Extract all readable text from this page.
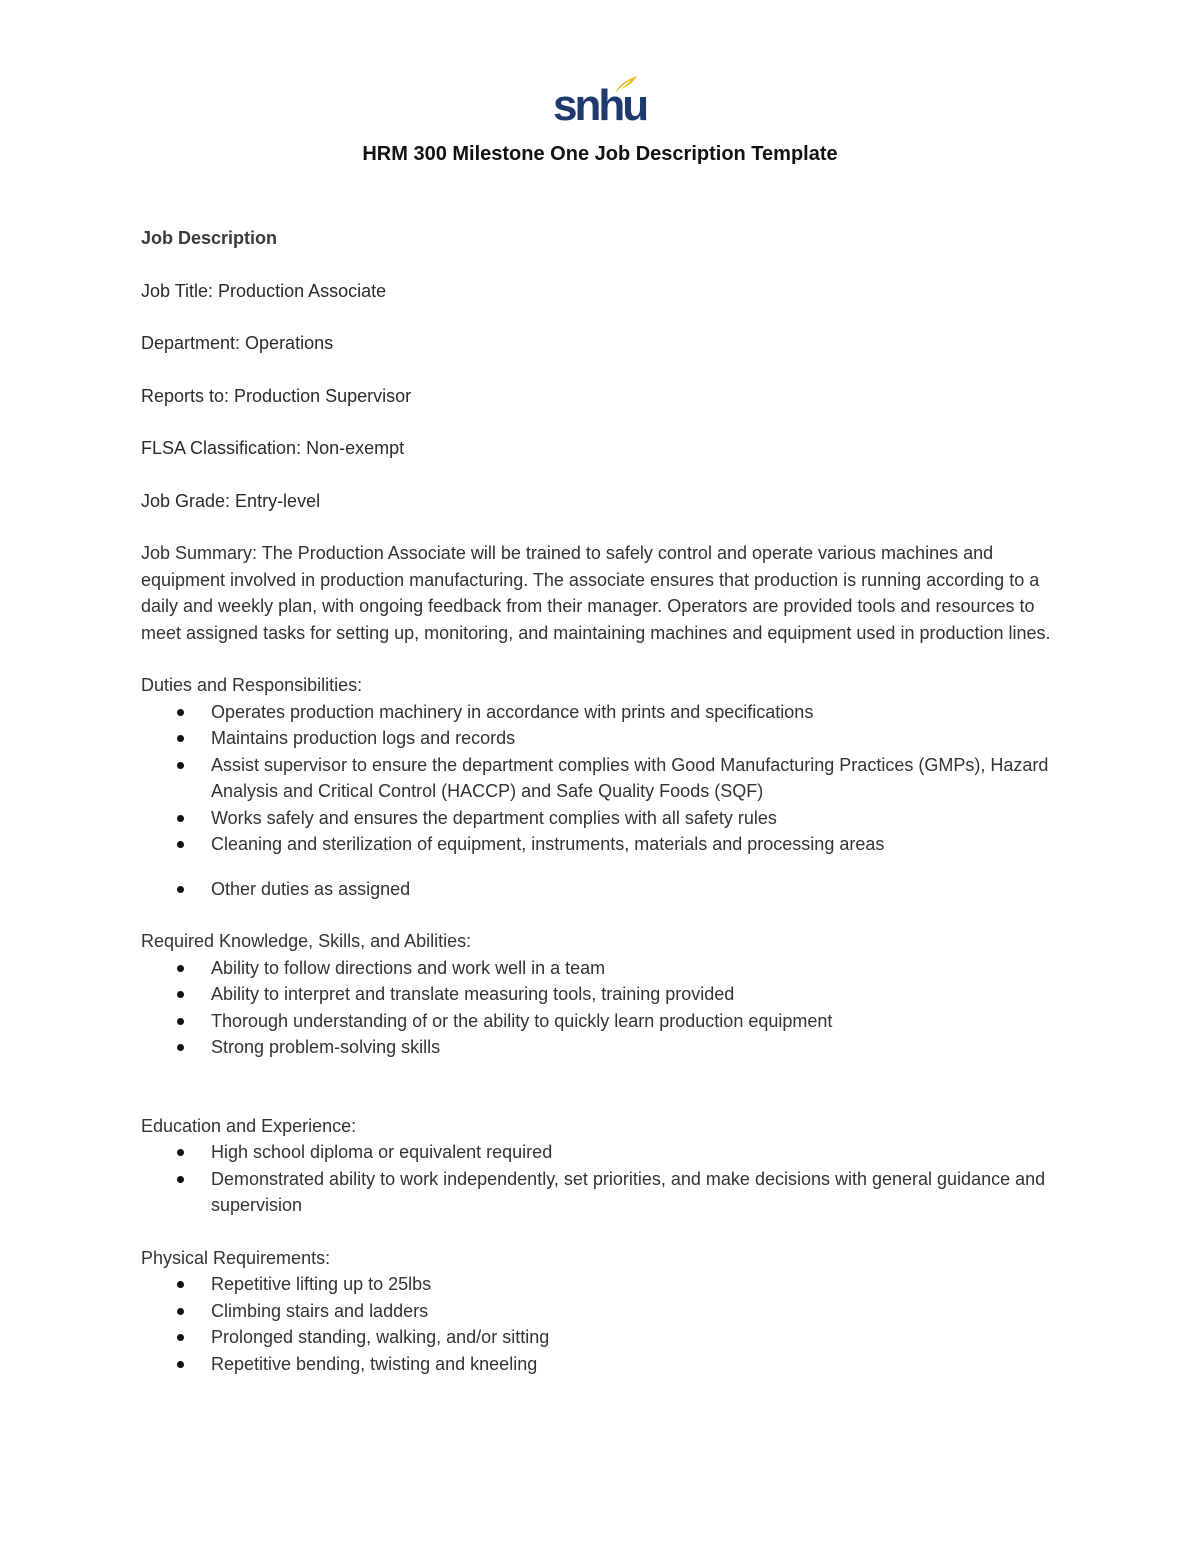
snhu
HRM 300 Milestone One Job Description Template
Job Description
Job Title: Production Associate
Department: Operations
Reports to: Production Supervisor
FLSA Classification: Non-exempt
Job Grade: Entry-level
Job Summary: The Production Associate will be trained to safely control and operate various machines and equipment involved in production manufacturing. The associate ensures that production is running according to a daily and weekly plan, with ongoing feedback from their manager. Operators are provided tools and resources to meet assigned tasks for setting up, monitoring, and maintaining machines and equipment used in production lines.
Duties and Responsibilities:
Operates production machinery in accordance with prints and specifications
Maintains production logs and records
Assist supervisor to ensure the department complies with Good Manufacturing Practices (GMPs), Hazard Analysis and Critical Control (HACCP) and Safe Quality Foods (SQF)
Works safely and ensures the department complies with all safety rules
Cleaning and sterilization of equipment, instruments, materials and processing areas
Other duties as assigned
Required Knowledge, Skills, and Abilities:
Ability to follow directions and work well in a team
Ability to interpret and translate measuring tools, training provided
Thorough understanding of or the ability to quickly learn production equipment
Strong problem-solving skills
Education and Experience:
High school diploma or equivalent required
Demonstrated ability to work independently, set priorities, and make decisions with general guidance and supervision
Physical Requirements:
Repetitive lifting up to 25lbs
Climbing stairs and ladders
Prolonged standing, walking, and/or sitting
Repetitive bending, twisting and kneeling
